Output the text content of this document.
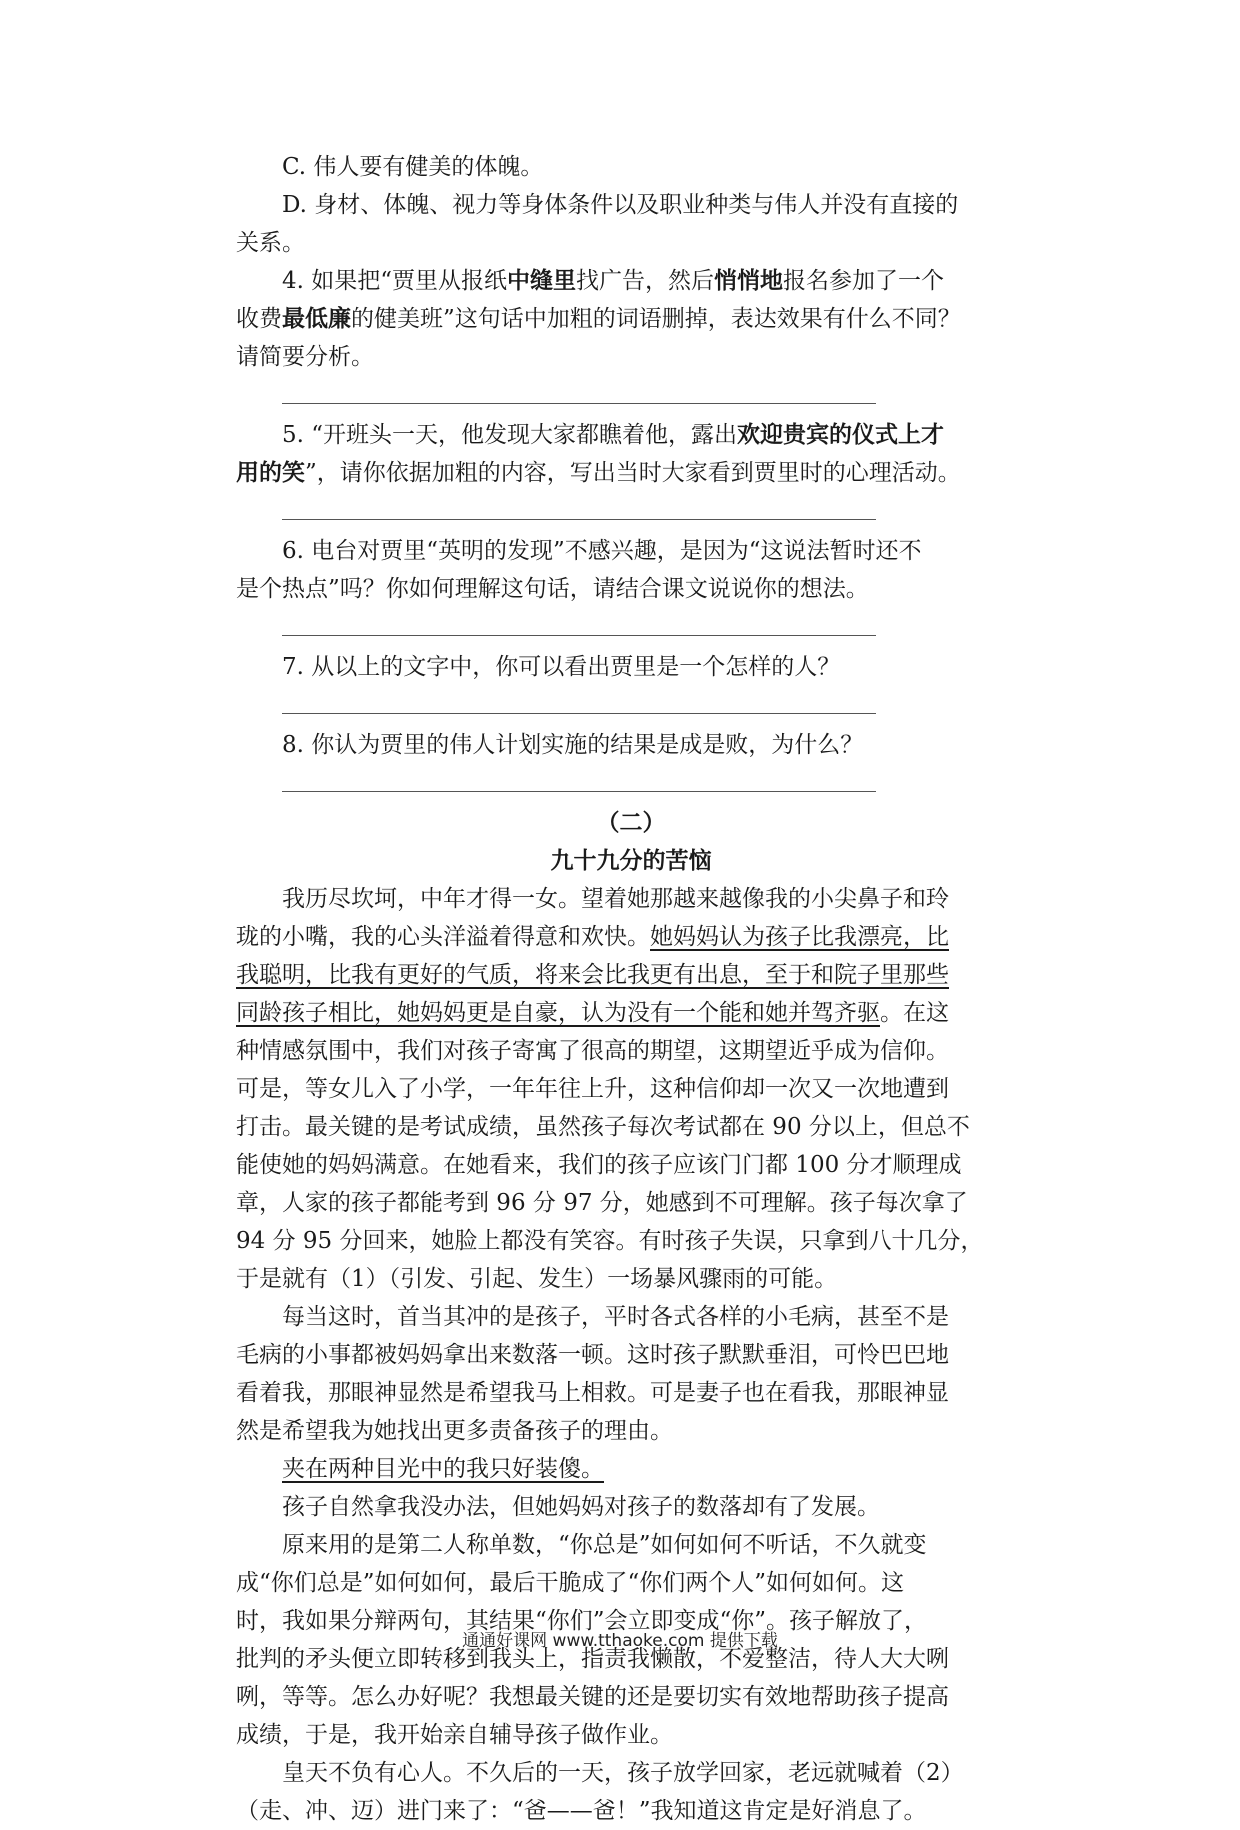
C. 伟人要有健美的体魄。
D. 身材、体魄、视力等身体条件以及职业种类与伟人并没有直接的
关系。
4. 如果把“贾里从报纸中缝里找广告，然后悄悄地报名参加了一个
收费最低廉的健美班”这句话中加粗的词语删掉，表达效果有什么不同？
请简要分析。
5. “开班头一天，他发现大家都瞧着他，露出欢迎贵宾的仪式上才
用的笑”，请你依据加粗的内容，写出当时大家看到贾里时的心理活动。
6. 电台对贾里“英明的发现”不感兴趣，是因为“这说法暂时还不
是个热点”吗？你如何理解这句话，请结合课文说说你的想法。
7. 从以上的文字中，你可以看出贾里是一个怎样的人？
8. 你认为贾里的伟人计划实施的结果是成是败，为什么？
（二）
九十九分的苦恼
我历尽坎坷，中年才得一女。望着她那越来越像我的小尖鼻子和玲
珑的小嘴，我的心头洋溢着得意和欢快。她妈妈认为孩子比我漂亮，比
我聪明，比我有更好的气质，将来会比我更有出息，至于和院子里那些
同龄孩子相比，她妈妈更是自豪，认为没有一个能和她并驾齐驱。在这
种情感氛围中，我们对孩子寄寓了很高的期望，这期望近乎成为信仰。
可是，等女儿入了小学，一年年往上升，这种信仰却一次又一次地遭到
打击。最关键的是考试成绩，虽然孩子每次考试都在 90 分以上，但总不
能使她的妈妈满意。在她看来，我们的孩子应该门门都 100 分才顺理成
章，人家的孩子都能考到 96 分 97 分，她感到不可理解。孩子每次拿了
94 分 95 分回来，她脸上都没有笑容。有时孩子失误，只拿到八十几分，
于是就有（1）（引发、引起、发生）一场暴风骤雨的可能。
每当这时，首当其冲的是孩子，平时各式各样的小毛病，甚至不是
毛病的小事都被妈妈拿出来数落一顿。这时孩子默默垂泪，可怜巴巴地
看着我，那眼神显然是希望我马上相救。可是妻子也在看我，那眼神显
然是希望我为她找出更多责备孩子的理由。
夹在两种目光中的我只好装傻。
孩子自然拿我没办法，但她妈妈对孩子的数落却有了发展。
原来用的是第二人称单数，“你总是”如何如何不听话，不久就变
成“你们总是”如何如何，最后干脆成了“你们两个人”如何如何。这
时，我如果分辩两句，其结果“你们”会立即变成“你”。孩子解放了，
批判的矛头便立即转移到我头上，指责我懒散，不爱整洁，待人大大咧
咧，等等。怎么办好呢？我想最关键的还是要切实有效地帮助孩子提高
成绩，于是，我开始亲自辅导孩子做作业。
皇天不负有心人。不久后的一天，孩子放学回家，老远就喊着（2）
（走、冲、迈）进门来了：“爸——爸！”我知道这肯定是好消息了。
通通好课网 www.tthaoke.com 提供下载
